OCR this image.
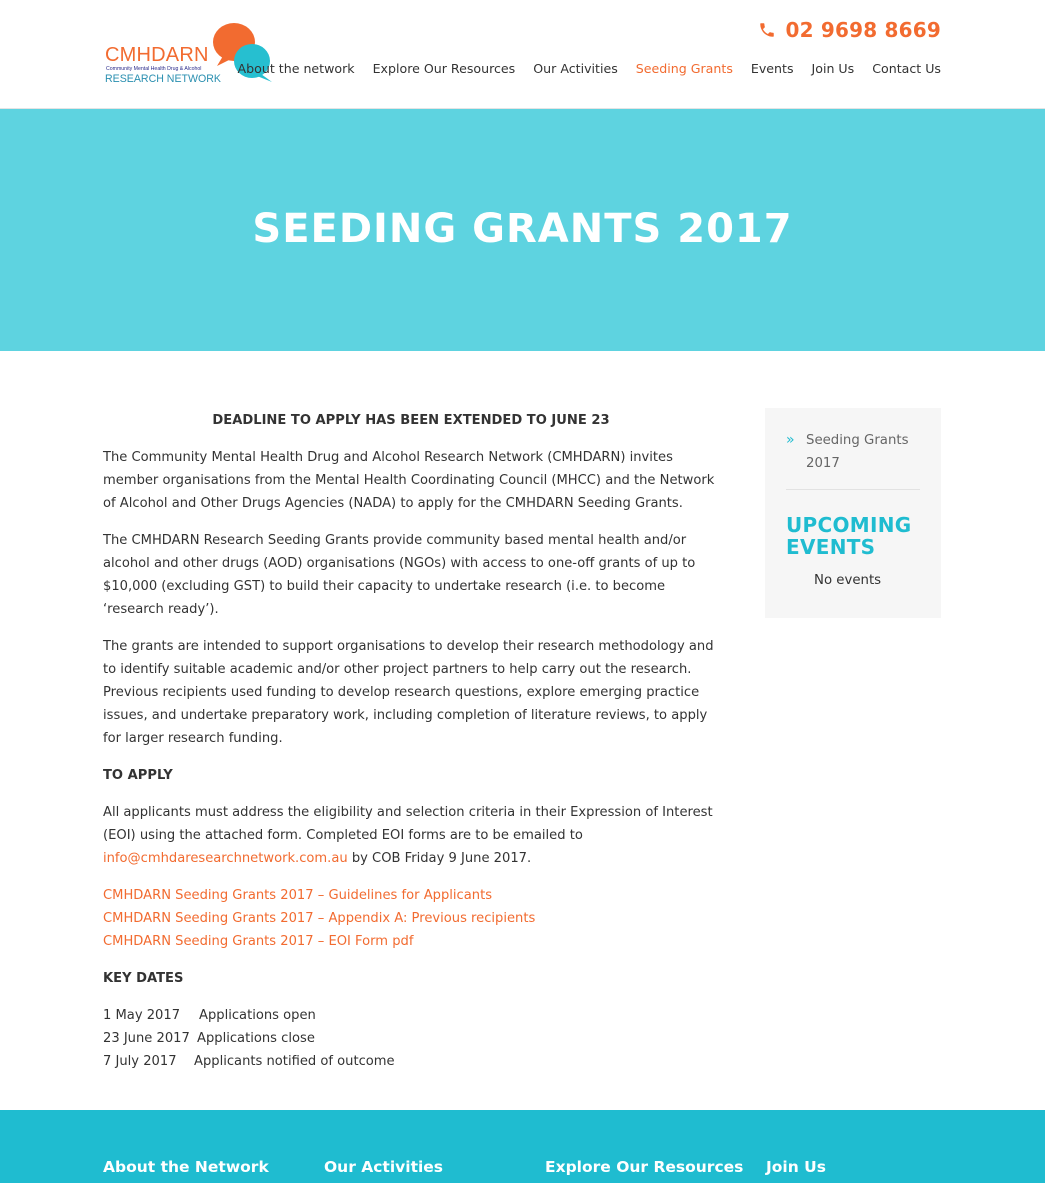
CMHDARN
Community Mental Health Drug & Alcohol
RESEARCH NETWORK
02 9698 8669
About the network Explore Our Resources Our Activities Seeding Grants Events Join Us Contact Us
SEEDING GRANTS 2017

DEADLINE TO APPLY HAS BEEN EXTENDED TO JUNE 23

The Community Mental Health Drug and Alcohol Research Network (CMHDARN) invites member organisations from the Mental Health Coordinating Council (MHCC) and the Network of Alcohol and Other Drugs Agencies (NADA) to apply for the CMHDARN Seeding Grants.

The CMHDARN Research Seeding Grants provide community based mental health and/or alcohol and other drugs (AOD) organisations (NGOs) with access to one-off grants of up to $10,000 (excluding GST) to build their capacity to undertake research (i.e. to become ‘research ready’).

The grants are intended to support organisations to develop their research methodology and to identify suitable academic and/or other project partners to help carry out the research. Previous recipients used funding to develop research questions, explore emerging practice issues, and undertake preparatory work, including completion of literature reviews, to apply for larger research funding.

TO APPLY

All applicants must address the eligibility and selection criteria in their Expression of Interest (EOI) using the attached form. Completed EOI forms are to be emailed to info@cmhdaresearchnetwork.com.au by COB Friday 9 June 2017.

CMHDARN Seeding Grants 2017 – Guidelines for Applicants
CMHDARN Seeding Grants 2017 – Appendix A: Previous recipients
CMHDARN Seeding Grants 2017 – EOI Form pdf

KEY DATES

1 May 2017	Applications open
23 June 2017 Applications close
7 July 2017	Applicants notified of outcome
» Seeding Grants 2017
UPCOMING EVENTS
No events
About the Network	Our Activities	Explore Our Resources Join Us
